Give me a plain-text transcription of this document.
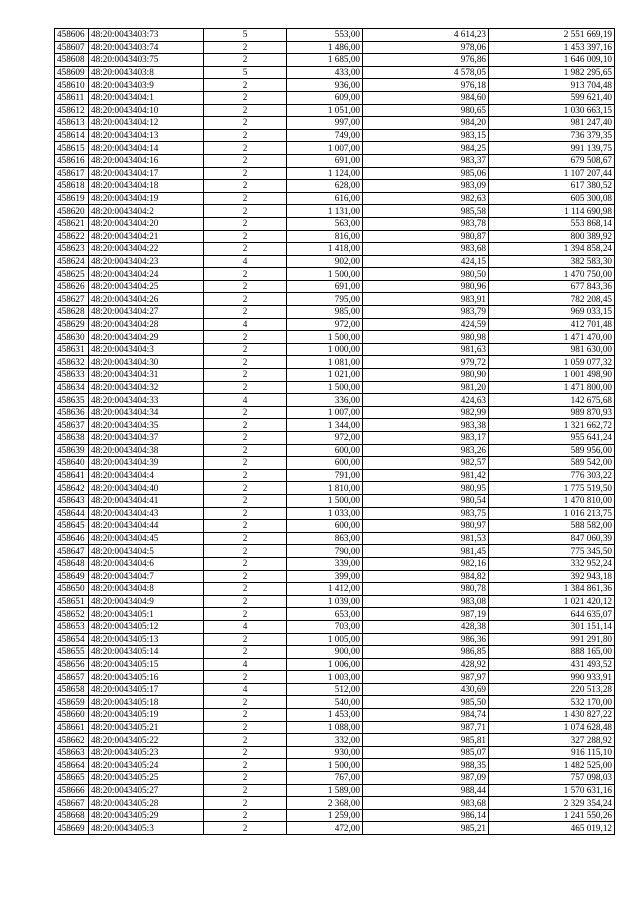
458606	48:20:0043403:73	5	553,00	4 614,23	2 551 669,19
458607	48:20:0043403:74	2	1 486,00	978,06	1 453 397,16
458608	48:20:0043403:75	2	1 685,00	976,86	1 646 009,10
458609	48:20:0043403:8	5	433,00	4 578,05	1 982 295,65
458610	48:20:0043403:9	2	936,00	976,18	913 704,48
458611	48:20:0043404:1	2	609,00	984,60	599 621,40
458612	48:20:0043404:10	2	1 051,00	980,65	1 030 663,15
458613	48:20:0043404:12	2	997,00	984,20	981 247,40
458614	48:20:0043404:13	2	749,00	983,15	736 379,35
458615	48:20:0043404:14	2	1 007,00	984,25	991 139,75
458616	48:20:0043404:16	2	691,00	983,37	679 508,67
458617	48:20:0043404:17	2	1 124,00	985,06	1 107 207,44
458618	48:20:0043404:18	2	628,00	983,09	617 380,52
458619	48:20:0043404:19	2	616,00	982,63	605 300,08
458620	48:20:0043404:2	2	1 131,00	985,58	1 114 690,98
458621	48:20:0043404:20	2	563,00	983,78	553 868,14
458622	48:20:0043404:21	2	816,00	980,87	800 389,92
458623	48:20:0043404:22	2	1 418,00	983,68	1 394 858,24
458624	48:20:0043404:23	4	902,00	424,15	382 583,30
458625	48:20:0043404:24	2	1 500,00	980,50	1 470 750,00
458626	48:20:0043404:25	2	691,00	980,96	677 843,36
458627	48:20:0043404:26	2	795,00	983,91	782 208,45
458628	48:20:0043404:27	2	985,00	983,79	969 033,15
458629	48:20:0043404:28	4	972,00	424,59	412 701,48
458630	48:20:0043404:29	2	1 500,00	980,98	1 471 470,00
458631	48:20:0043404:3	2	1 000,00	981,63	981 630,00
458632	48:20:0043404:30	2	1 081,00	979,72	1 059 077,32
458633	48:20:0043404:31	2	1 021,00	980,90	1 001 498,90
458634	48:20:0043404:32	2	1 500,00	981,20	1 471 800,00
458635	48:20:0043404:33	4	336,00	424,63	142 675,68
458636	48:20:0043404:34	2	1 007,00	982,99	989 870,93
458637	48:20:0043404:35	2	1 344,00	983,38	1 321 662,72
458638	48:20:0043404:37	2	972,00	983,17	955 641,24
458639	48:20:0043404:38	2	600,00	983,26	589 956,00
458640	48:20:0043404:39	2	600,00	982,57	589 542,00
458641	48:20:0043404:4	2	791,00	981,42	776 303,22
458642	48:20:0043404:40	2	1 810,00	980,95	1 775 519,50
458643	48:20:0043404:41	2	1 500,00	980,54	1 470 810,00
458644	48:20:0043404:43	2	1 033,00	983,75	1 016 213,75
458645	48:20:0043404:44	2	600,00	980,97	588 582,00
458646	48:20:0043404:45	2	863,00	981,53	847 060,39
458647	48:20:0043404:5	2	790,00	981,45	775 345,50
458648	48:20:0043404:6	2	339,00	982,16	332 952,24
458649	48:20:0043404:7	2	399,00	984,82	392 943,18
458650	48:20:0043404:8	2	1 412,00	980,78	1 384 861,36
458651	48:20:0043404:9	2	1 039,00	983,08	1 021 420,12
458652	48:20:0043405:1	2	653,00	987,19	644 635,07
458653	48:20:0043405:12	4	703,00	428,38	301 151,14
458654	48:20:0043405:13	2	1 005,00	986,36	991 291,80
458655	48:20:0043405:14	2	900,00	986,85	888 165,00
458656	48:20:0043405:15	4	1 006,00	428,92	431 493,52
458657	48:20:0043405:16	2	1 003,00	987,97	990 933,91
458658	48:20:0043405:17	4	512,00	430,69	220 513,28
458659	48:20:0043405:18	2	540,00	985,50	532 170,00
458660	48:20:0043405:19	2	1 453,00	984,74	1 430 827,22
458661	48:20:0043405:21	2	1 088,00	987,71	1 074 628,48
458662	48:20:0043405:22	2	332,00	985,81	327 288,92
458663	48:20:0043405:23	2	930,00	985,07	916 115,10
458664	48:20:0043405:24	2	1 500,00	988,35	1 482 525,00
458665	48:20:0043405:25	2	767,00	987,09	757 098,03
458666	48:20:0043405:27	2	1 589,00	988,44	1 570 631,16
458667	48:20:0043405:28	2	2 368,00	983,68	2 329 354,24
458668	48:20:0043405:29	2	1 259,00	986,14	1 241 550,26
458669	48:20:0043405:3	2	472,00	985,21	465 019,12
